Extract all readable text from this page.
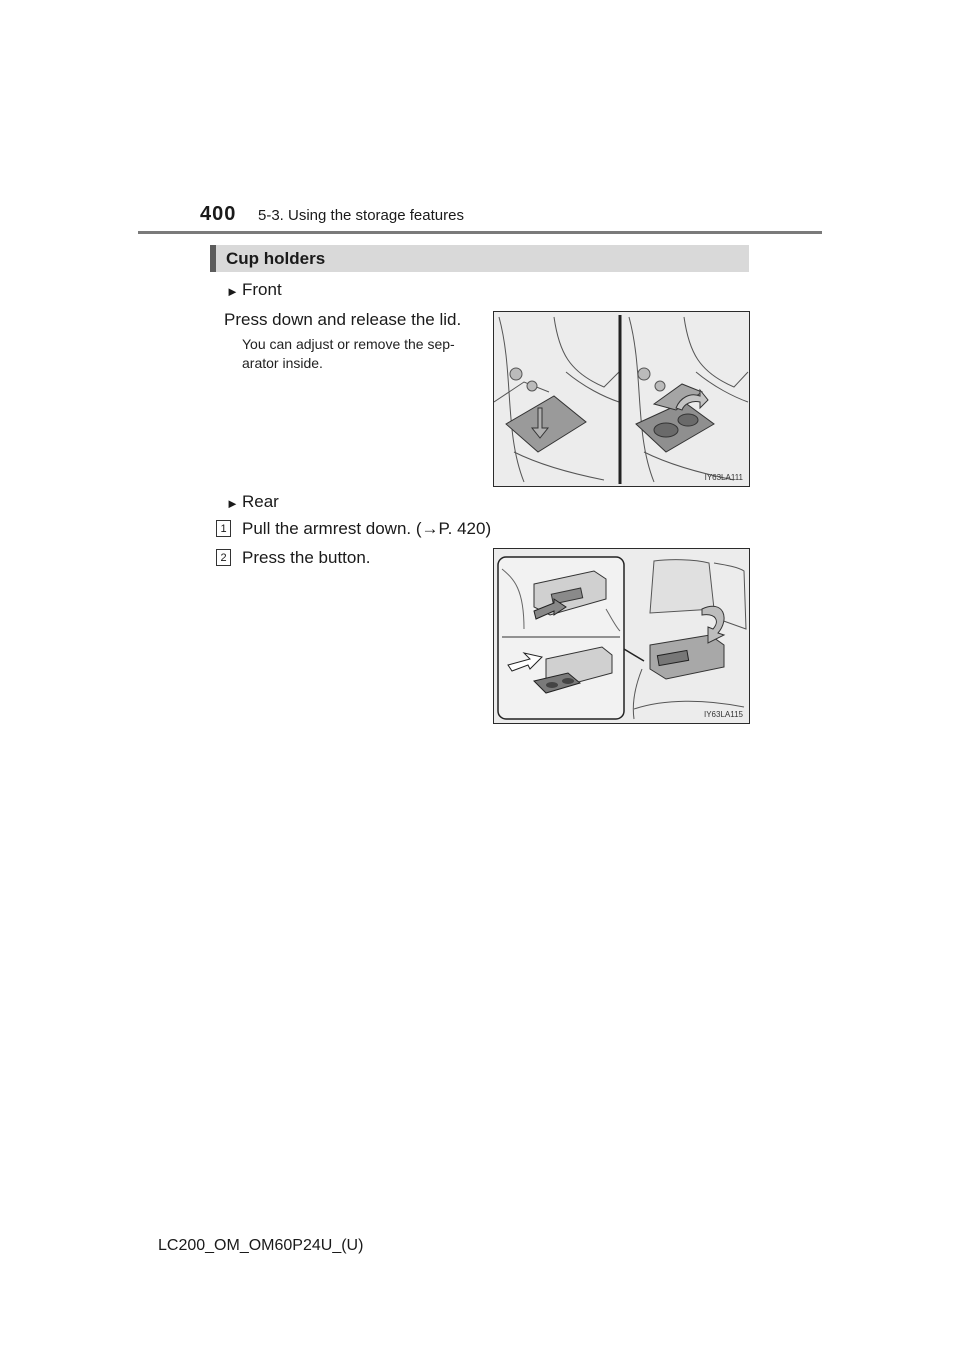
400 5-3. Using the storage features
Cup holders
► Front
Press down and release the lid.
You can adjust or remove the sep-
arator inside.
IY63LA111
► Rear
1 Pull the armrest down. (→P. 420)
2 Press the button.
IY63LA115
LC200_OM_OM60P24U_(U)
